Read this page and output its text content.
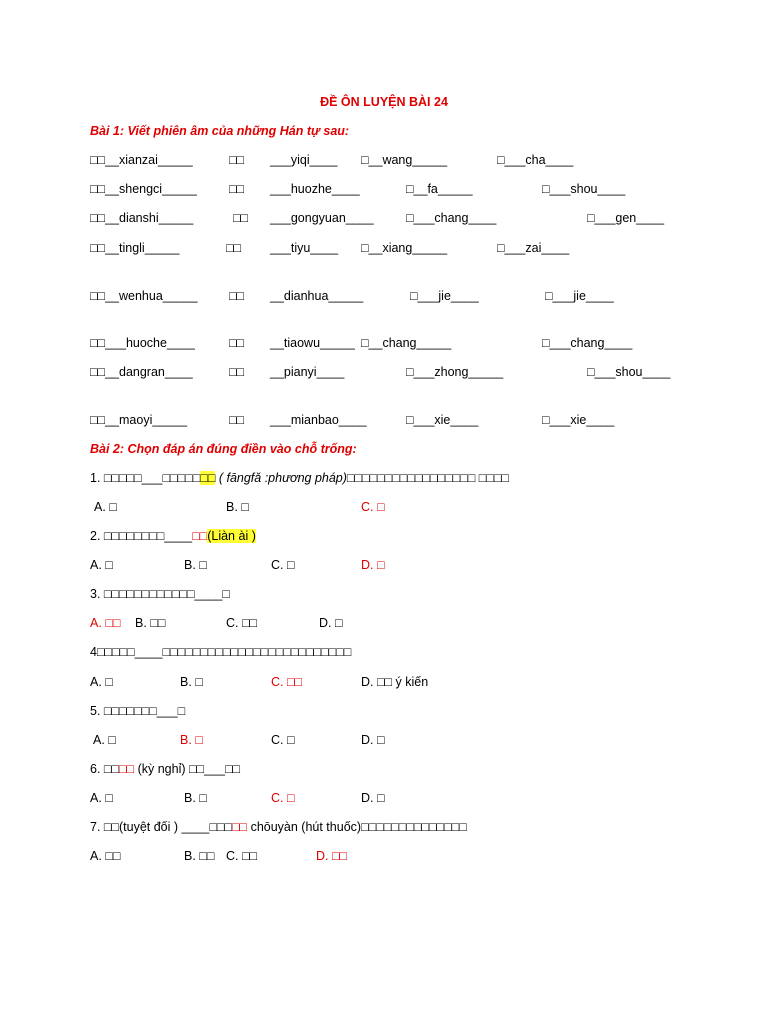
ĐỀ ÔN LUYỆN BÀI 24
Bài 1: Viết phiên âm của những Hán tự sau:
□□__xianzai_____	□□ ___yiqi____ □__wang_____	□___cha____
□□__shengci_____	□□ ___huozhe____	□__fa_____	□___shou____
□□__dianshi_____	□□ ___gongyuan____	□___chang____	□___gen____
□□__tingli_____	□□ ___tiyu____ □__xiang_____	□___zai____
□□__wenhua_____	□□ __dianhua_____	□___jie____	□___jie____
□□___huoche____	□□ __tiaowu_____ □__chang_____	□___chang____
□□__dangran____	□□ __pianyi____	□___zhong_____	□___shou____
□□__maoyi_____	□□ ___mianbao____	□___xie____	□___xie____
Bài 2: Chọn đáp án đúng điền vào chỗ trống:
1. □□□□□___□□□□□□□ ( fāngfǎ :phương pháp)□□□□□□□□□□□□□□□□□ □□□□
A. □	B. □	C. □
2. □□□□□□□□____□□(Liàn ài )
A. □	B. □	C. □	D. □
3. □□□□□□□□□□□□____□
A. □□ B. □□	C. □□	D. □
4□□□□□____□□□□□□□□□□□□□□□□□□□□□□□□□
A. □	B. □	C. □□	D. □□ ý kiến
5. □□□□□□□___□
A. □	B. □	C. □	D. □
6. □□□□ (kỳ nghỉ) □□___□□
A. □	B. □	C. □	D. □
7. □□(tuyệt đối ) ____□□□□□ chōuyàn (hút thuốc)□□□□□□□□□□□□□□
A. □□	B. □□ C. □□	D. □□
